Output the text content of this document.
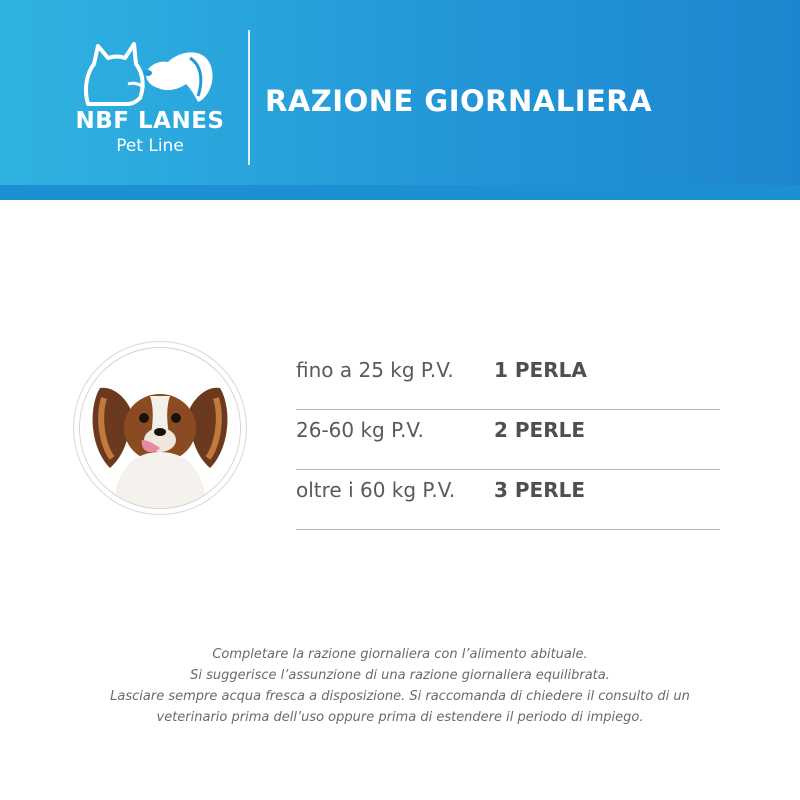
NBF LANES
Pet Line
RAZIONE GIORNALIERA
fino a 25 kg P.V. 1 PERLA
26-60 kg P.V.	2 PERLE
oltre i 60 kg P.V. 3 PERLE
Completare la razione giornaliera con l’alimento abituale.
Si suggerisce l’assunzione di una razione giornaliera equilibrata.
Lasciare sempre acqua fresca a disposizione. Si raccomanda di chiedere il consulto di un
veterinario prima dell’uso oppure prima di estendere il periodo di impiego.
